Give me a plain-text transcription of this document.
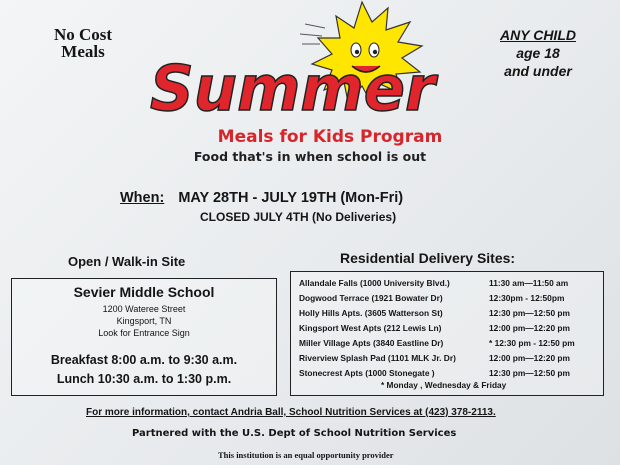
No Cost
Meals
ANY CHILD
age 18
and under
Summer
Meals for Kids Program
Food that's in when school is out
When: MAY 28TH - JULY 19TH (Mon-Fri)
CLOSED JULY 4TH (No Deliveries)
Open / Walk-in Site	Residential Delivery Sites:
Sevier Middle School
1200 Wateree Street
Kingsport, TN
Look for Entrance Sign
Breakfast 8:00 a.m. to 9:30 a.m.
Lunch 10:30 a.m. to 1:30 p.m.
Allandale Falls (1000 University Blvd.)	11:30 am—11:50 am
Dogwood Terrace (1921 Bowater Dr)	12:30pm - 12:50pm
Holly Hills Apts. (3605 Watterson St)	12:30 pm—12:50 pm
Kingsport West Apts (212 Lewis Ln)	12:00 pm—12:20 pm
Miller Village Apts (3840 Eastline Dr)	* 12:30 pm - 12:50 pm
Riverview Splash Pad (1101 MLK Jr. Dr)	12:00 pm—12:20 pm
Stonecrest Apts (1000 Stonegate )	12:30 pm—12:50 pm
* Monday , Wednesday & Friday
For more information, contact Andria Ball, School Nutrition Services at (423) 378-2113.
Partnered with the U.S. Dept of School Nutrition Services
This institution is an equal opportunity provider
